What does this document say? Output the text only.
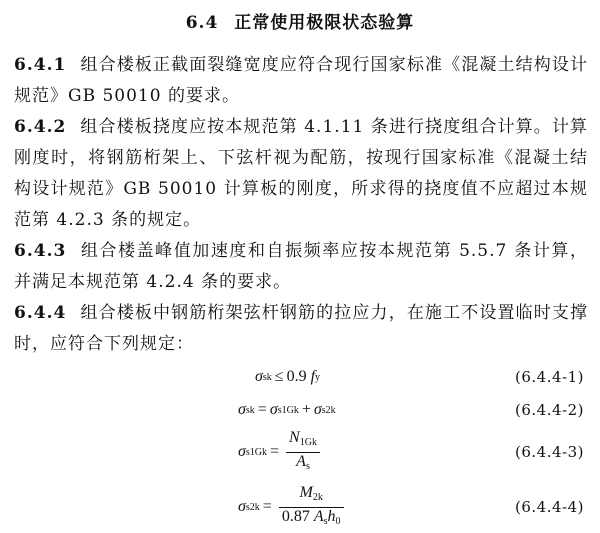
6.4 正常使用极限状态验算
6.4.1 组合楼板正截面裂缝宽度应符合现行国家标准《混凝土结构设计规范》GB 50010 的要求。
6.4.2 组合楼板挠度应按本规范第 4.1.11 条进行挠度组合计算。计算刚度时，将钢筋桁架上、下弦杆视为配筋，按现行国家标准《混凝土结构设计规范》GB 50010 计算板的刚度，所求得的挠度值不应超过本规范第 4.2.3 条的规定。
6.4.3 组合楼盖峰值加速度和自振频率应按本规范第 5.5.7 条计算，并满足本规范第 4.2.4 条的要求。
6.4.4 组合楼板中钢筋桁架弦杆钢筋的拉应力，在施工不设置临时支撑时，应符合下列规定：
σ sk ≤ 0.9 f y	(6.4.4-1)
σ sk = σ s1Gk + σ s2k	(6.4.4-2)
σ $s1Gk = \frac{N_{1Gk}}{A_s}$	(6.4.4-3)
σ $s2k = \frac{M_{2k}}{0.87 A_sh_0}$	(6.4.4-4)
